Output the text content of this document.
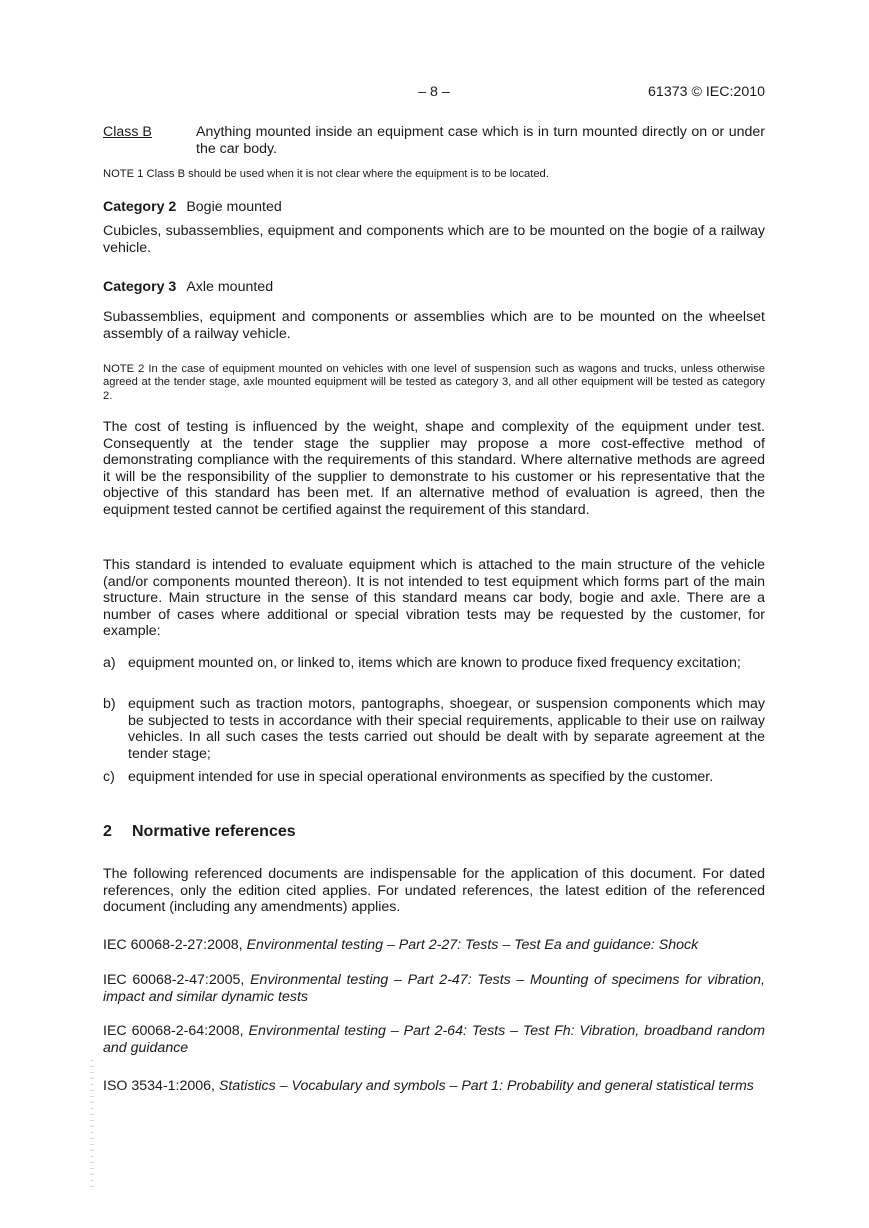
– 8 –	61373 © IEC:2010
Class B	Anything mounted inside an equipment case which is in turn mounted directly on or under the car body.
NOTE 1 Class B should be used when it is not clear where the equipment is to be located.
Category 2 Bogie mounted
Cubicles, subassemblies, equipment and components which are to be mounted on the bogie of a railway vehicle.
Category 3 Axle mounted
Subassemblies, equipment and components or assemblies which are to be mounted on the wheelset assembly of a railway vehicle.
NOTE 2 In the case of equipment mounted on vehicles with one level of suspension such as wagons and trucks, unless otherwise agreed at the tender stage, axle mounted equipment will be tested as category 3, and all other equipment will be tested as category 2.
The cost of testing is influenced by the weight, shape and complexity of the equipment under test. Consequently at the tender stage the supplier may propose a more cost-effective method of demonstrating compliance with the requirements of this standard. Where alternative methods are agreed it will be the responsibility of the supplier to demonstrate to his customer or his representative that the objective of this standard has been met. If an alternative method of evaluation is agreed, then the equipment tested cannot be certified against the requirement of this standard.
This standard is intended to evaluate equipment which is attached to the main structure of the vehicle (and/or components mounted thereon). It is not intended to test equipment which forms part of the main structure. Main structure in the sense of this standard means car body, bogie and axle. There are a number of cases where additional or special vibration tests may be requested by the customer, for example:
a) equipment mounted on, or linked to, items which are known to produce fixed frequency excitation;
b) equipment such as traction motors, pantographs, shoegear, or suspension components which may be subjected to tests in accordance with their special requirements, applicable to their use on railway vehicles. In all such cases the tests carried out should be dealt with by separate agreement at the tender stage;
c) equipment intended for use in special operational environments as specified by the customer.
2 Normative references
The following referenced documents are indispensable for the application of this document. For dated references, only the edition cited applies. For undated references, the latest edition of the referenced document (including any amendments) applies.
IEC 60068-2-27:2008, Environmental testing – Part 2-27: Tests – Test Ea and guidance: Shock
IEC 60068-2-47:2005, Environmental testing – Part 2-47: Tests – Mounting of specimens for vibration, impact and similar dynamic tests
IEC 60068-2-64:2008, Environmental testing – Part 2-64: Tests – Test Fh: Vibration, broadband random and guidance
ISO 3534-1:2006, Statistics – Vocabulary and symbols – Part 1: Probability and general statistical terms
